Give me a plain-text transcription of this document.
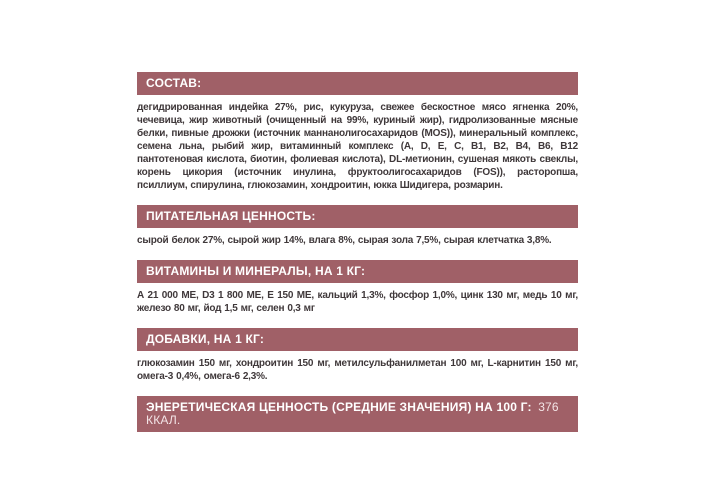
СОСТАВ:

дегидрированная индейка 27%, рис, кукуруза, свежее бескостное мясо ягненка 20%, чечевица, жир животный (очищенный на 99%, куриный жир), гидролизованные мясные белки, пивные дрожжи (источник маннанолигосахаридов (MOS)), минеральный комплекс, семена льна, рыбий жир, витаминный комплекс (A, D, E, C, B1, B2, B4, B6, B12 пантотеновая кислота, биотин, фолиевая кислота), DL-метионин, сушеная мякоть свеклы, корень цикория (источник инулина, фруктоолигосахаридов (FOS)), расторопша, псиллиум, спирулина, глюкозамин, хондроитин, юкка Шидигера, розмарин.

ПИТАТЕЛЬНАЯ ЦЕННОСТЬ:

сырой белок 27%, сырой жир 14%, влага 8%, сырая зола 7,5%, сырая клетчатка 3,8%.

ВИТАМИНЫ И МИНЕРАЛЫ, НА 1 КГ:

А 21 000 МЕ, D3 1 800 МЕ, Е 150 МЕ, кальций 1,3%, фосфор 1,0%, цинк 130 мг, медь 10 мг, железо 80 мг, йод 1,5 мг, селен 0,3 мг

ДОБАВКИ, НА 1 КГ:

глюкозамин 150 мг, хондроитин 150 мг, метилсульфанилметан 100 мг, L-карнитин 150 мг, омега-3 0,4%, омега-6 2,3%.

ЭНЕРЕТИЧЕСКАЯ ЦЕННОСТЬ (СРЕДНИЕ ЗНАЧЕНИЯ) НА 100 Г: 376 ККАЛ.
